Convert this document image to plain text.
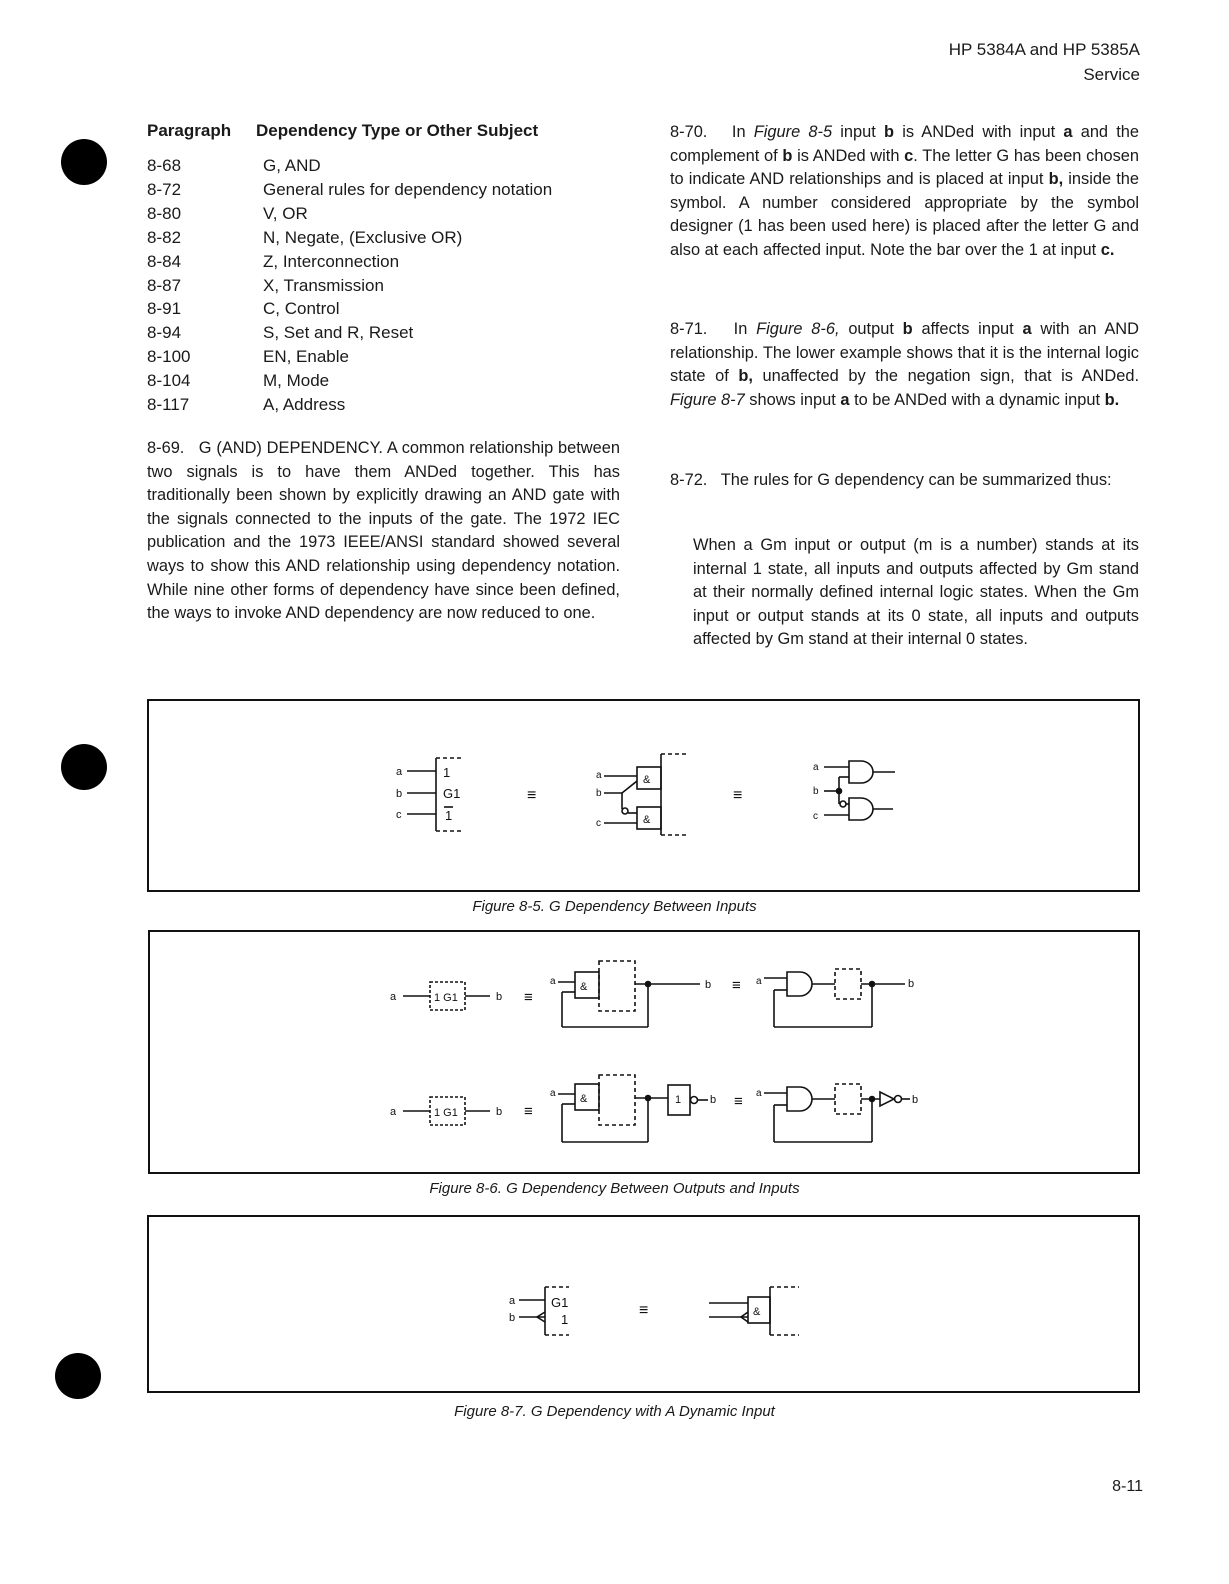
HP 5384A and HP 5385A
Service
Paragraph Dependency Type or Other Subject
8-68	G, AND
8-72	General rules for dependency notation
8-80	V, OR
8-82	N, Negate, (Exclusive OR)
8-84	Z, Interconnection
8-87	X, Transmission
8-91	C, Control
8-94	S, Set and R, Reset
8-100	EN, Enable
8-104	M, Mode
8-117	A, Address
8-69. G (AND) DEPENDENCY. A common relationship between two signals is to have them ANDed together. This has traditionally been shown by explicitly drawing an AND gate with the signals connected to the inputs of the gate. The 1972 IEC publication and the 1973 IEEE/ANSI standard showed several ways to show this AND relationship using dependency notation. While nine other forms of dependency have since been defined, the ways to invoke AND dependency are now reduced to one.
8-70. In Figure 8-5 input b is ANDed with input a and the complement of b is ANDed with c. The letter G has been chosen to indicate AND relationships and is placed at input b, inside the symbol. A number considered appropriate by the symbol designer (1 has been used here) is placed after the letter G and also at each affected input. Note the bar over the 1 at input c.
8-71. In Figure 8-6, output b affects input a with an AND relationship. The lower example shows that it is the internal logic state of b, unaffected by the negation sign, that is ANDed. Figure 8-7 shows input a to be ANDed with a dynamic input b.
8-72. The rules for G dependency can be summarized thus:
When a Gm input or output (m is a number) stands at its internal 1 state, all inputs and outputs affected by Gm stand at their normally defined internal logic states. When the Gm input or output stands at its 0 state, all inputs and outputs affected by Gm stand at their internal 0 states.
a
b
c
1
G1
1
≡
a
b
c
&
&
≡
a
b
c
Figure 8-5. G Dependency Between Inputs
a	1 G1	b ≡
a &	b ≡ a	b
a	1 G1	b ≡
a &	1	b ≡ a
b
Figure 8-6. G Dependency Between Outputs and Inputs
a
b
G1
1
≡	&
Figure 8-7. G Dependency with A Dynamic Input
8-11
